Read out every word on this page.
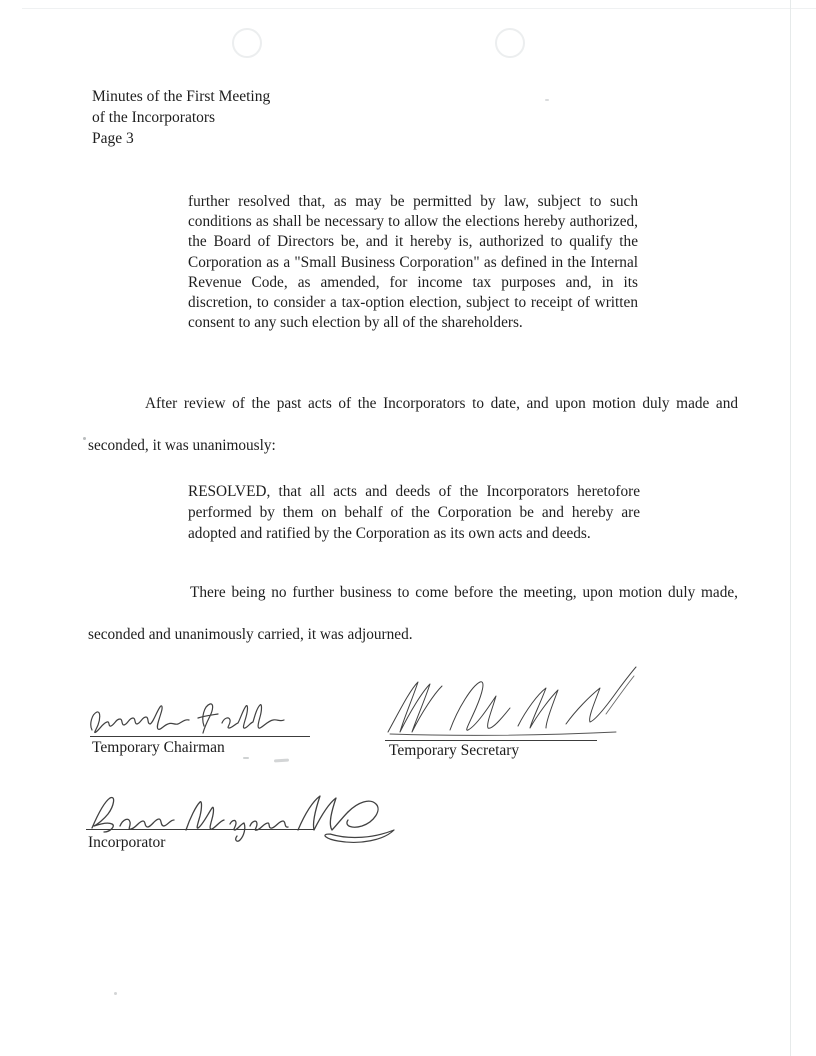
Minutes of the First Meeting
of the Incorporators
Page 3
further resolved that, as may be permitted by law, subject to such conditions as shall be necessary to allow the elections hereby authorized, the Board of Directors be, and it hereby is, authorized to qualify the Corporation as a "Small Business Corporation" as defined in the Internal Revenue Code, as amended, for income tax purposes and, in its discretion, to consider a tax-option election, subject to receipt of written consent to any such election by all of the shareholders.
After review of the past acts of the Incorporators to date, and upon motion duly made and seconded, it was unanimously:
RESOLVED, that all acts and deeds of the Incorporators heretofore performed by them on behalf of the Corporation be and hereby are adopted and ratified by the Corporation as its own acts and deeds.
There being no further business to come before the meeting, upon motion duly made, seconded and unanimously carried, it was adjourned.
Temporary Chairman	Temporary Secretary
Incorporator
